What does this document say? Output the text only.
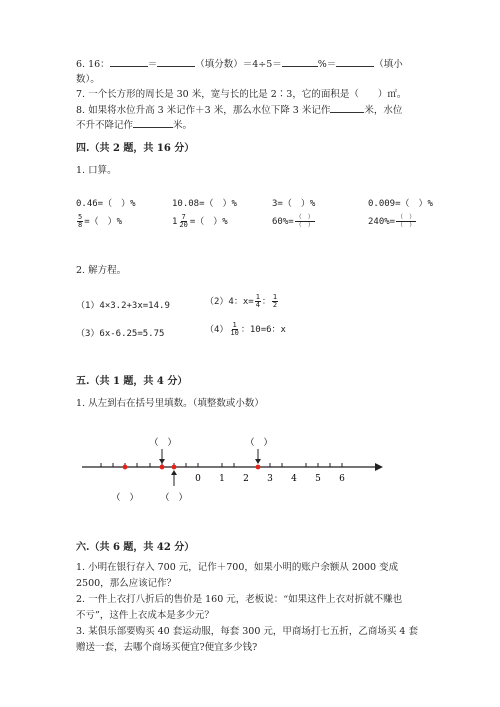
6. 16：	＝	（填分数）＝4÷5＝	%＝	（填小
数）。
7. 一个长方形的周长是 30 米，宽与长的比是 2∶3，它的面积是（　　）㎡。
8. 如果将水位升高 3 米记作＋3 米，那么水位下降 3 米记作	米，水位
不升不降记作	米。
四.（共 2 题，共 16 分）
1. 口算。
0.46=（　）%	10.08=（　）%	3=（　）%	0.009=（　）%
$\frac{5}{8}$ =（　）%	$1 \frac{7}{20}$ =（　）%	$60\%= \frac{( )}{( )}$	$240\%= \frac{( )}{( )}$
2. 解方程。
（1）4×3.2+3x=14.9	（2）4：$x= \frac{1}{4}$ ： $\frac{1}{2}$
（3）6x-6.25=5.75	$(4) \frac{1}{10}$ ：10=6：x
五.（共 1 题，共 4 分）
1. 从左到右在括号里填数。（填整数或小数）
（　）	（　）
（　） （　）
0 1 2 3 4 5 6
六.（共 6 题，共 42 分）
1. 小明在银行存入 700 元，记作＋700，如果小明的账户余额从 2000 变成
2500，那么应该记作？
2. 一件上衣打八折后的售价是 160 元，老板说：“如果这件上衣对折就不赚也
不亏”，这件上衣成本是多少元？
3. 某俱乐部要购买 40 套运动服，每套 300 元，甲商场打七五折，乙商场买 4 套
赠送一套，去哪个商场买便宜?便宜多少钱?
